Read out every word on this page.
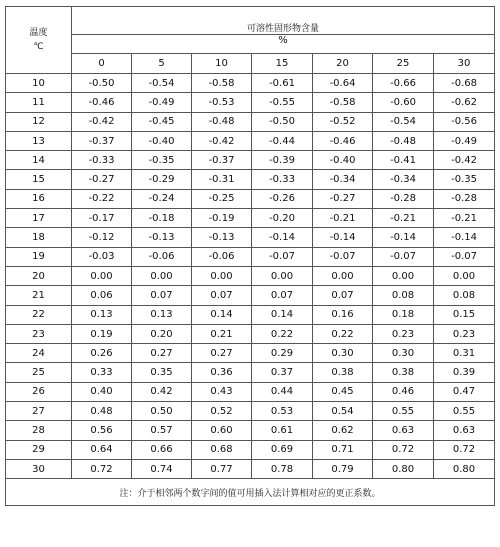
温度
℃	可溶性固形物含量						
	%						
	0	5	10	15	20	25	30
10	-0.50	-0.54	-0.58	-0.61	-0.64	-0.66	-0.68
11	-0.46	-0.49	-0.53	-0.55	-0.58	-0.60	-0.62
12	-0.42	-0.45	-0.48	-0.50	-0.52	-0.54	-0.56
13	-0.37	-0.40	-0.42	-0.44	-0.46	-0.48	-0.49
14	-0.33	-0.35	-0.37	-0.39	-0.40	-0.41	-0.42
15	-0.27	-0.29	-0.31	-0.33	-0.34	-0.34	-0.35
16	-0.22	-0.24	-0.25	-0.26	-0.27	-0.28	-0.28
17	-0.17	-0.18	-0.19	-0.20	-0.21	-0.21	-0.21
18	-0.12	-0.13	-0.13	-0.14	-0.14	-0.14	-0.14
19	-0.03	-0.06	-0.06	-0.07	-0.07	-0.07	-0.07
20	0.00	0.00	0.00	0.00	0.00	0.00	0.00
21	0.06	0.07	0.07	0.07	0.07	0.08	0.08
22	0.13	0.13	0.14	0.14	0.16	0.18	0.15
23	0.19	0.20	0.21	0.22	0.22	0.23	0.23
24	0.26	0.27	0.27	0.29	0.30	0.30	0.31
25	0.33	0.35	0.36	0.37	0.38	0.38	0.39
26	0.40	0.42	0.43	0.44	0.45	0.46	0.47
27	0.48	0.50	0.52	0.53	0.54	0.55	0.55
28	0.56	0.57	0.60	0.61	0.62	0.63	0.63
29	0.64	0.66	0.68	0.69	0.71	0.72	0.72
30	0.72	0.74	0.77	0.78	0.79	0.80	0.80
注：介于相邻两个数字间的值可用插入法计算相对应的更正系数。							
